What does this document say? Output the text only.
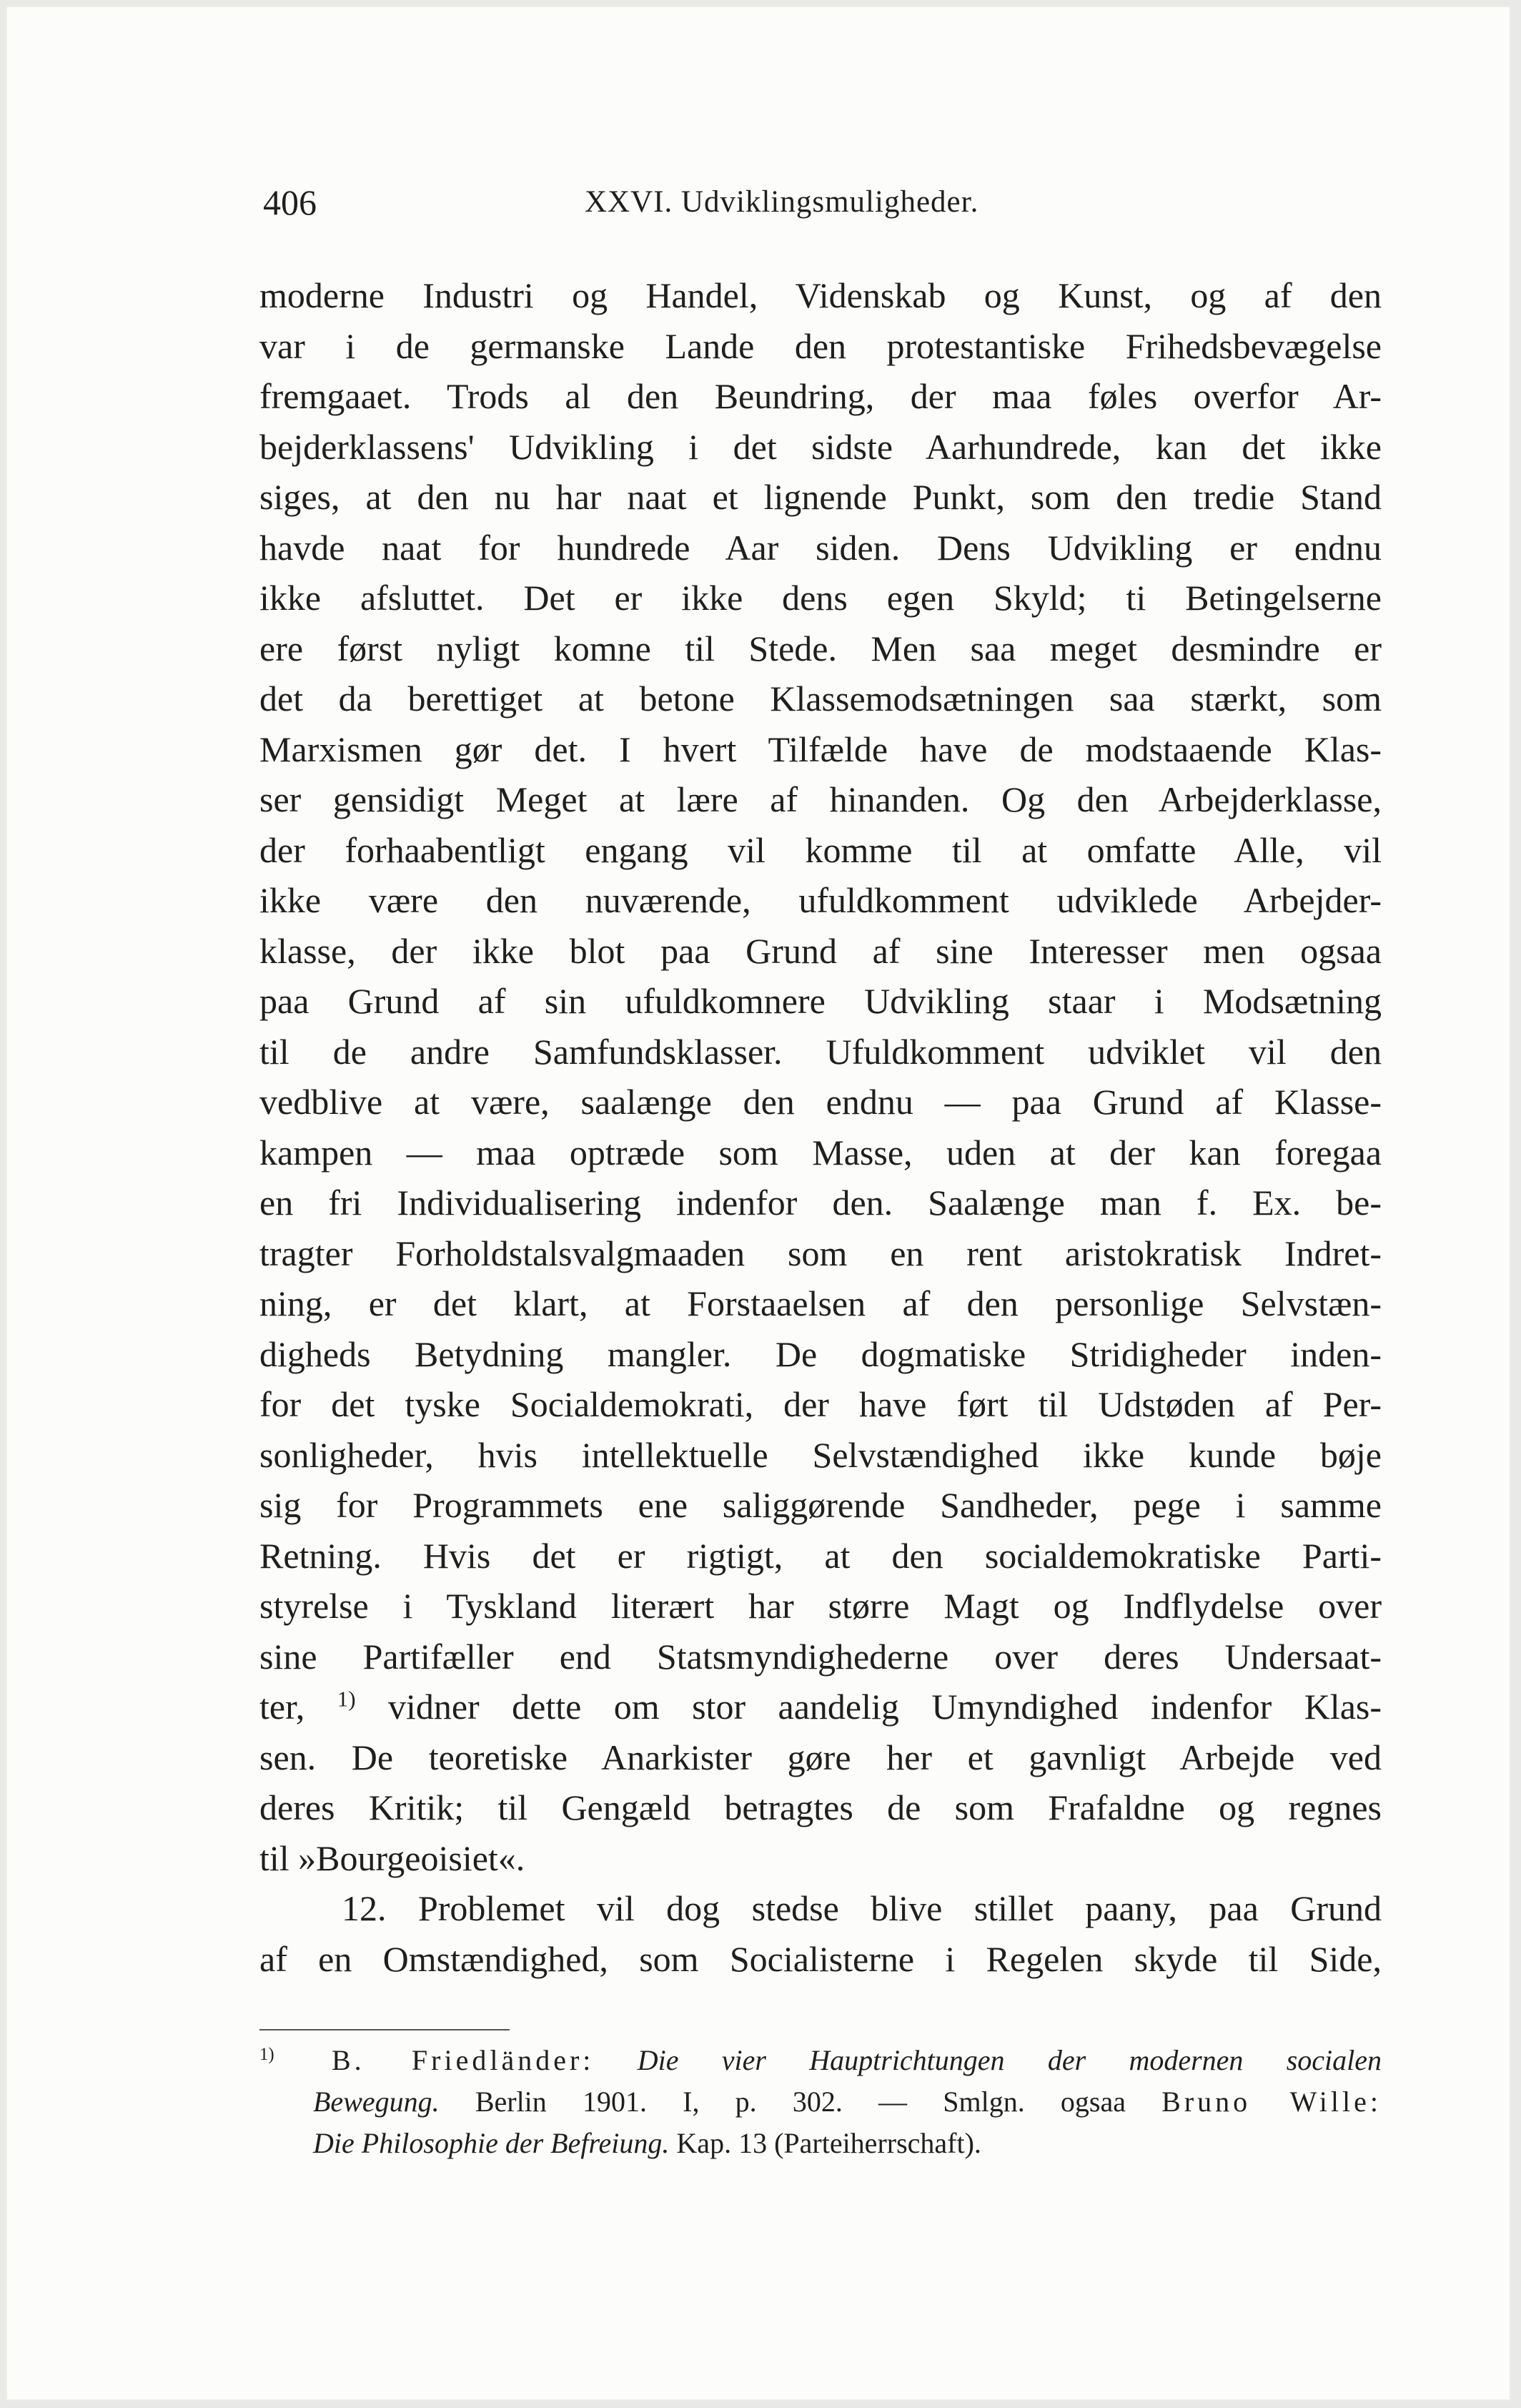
406	XXVI. Udviklingsmuligheder.
moderne Industri og Handel, Videnskab og Kunst, og af den
var i de germanske Lande den protestantiske Frihedsbevægelse
fremgaaet. Trods al den Beundring, der maa føles overfor Ar-
bejderklassens' Udvikling i det sidste Aarhundrede, kan det ikke
siges, at den nu har naat et lignende Punkt, som den tredie Stand
havde naat for hundrede Aar siden. Dens Udvikling er endnu
ikke afsluttet. Det er ikke dens egen Skyld; ti Betingelserne
ere først nyligt komne til Stede. Men saa meget desmindre er
det da berettiget at betone Klassemodsætningen saa stærkt, som
Marxismen gør det. I hvert Tilfælde have de modstaaende Klas-
ser gensidigt Meget at lære af hinanden. Og den Arbejderklasse,
der forhaabentligt engang vil komme til at omfatte Alle, vil
ikke være den nuværende, ufuldkomment udviklede Arbejder-
klasse, der ikke blot paa Grund af sine Interesser men ogsaa
paa Grund af sin ufuldkomnere Udvikling staar i Modsætning
til de andre Samfundsklasser. Ufuldkomment udviklet vil den
vedblive at være, saalænge den endnu — paa Grund af Klasse-
kampen — maa optræde som Masse, uden at der kan foregaa
en fri Individualisering indenfor den. Saalænge man f. Ex. be-
tragter Forholdstalsvalgmaaden som en rent aristokratisk Indret-
ning, er det klart, at Forstaaelsen af den personlige Selvstæn-
digheds Betydning mangler. De dogmatiske Stridigheder inden-
for det tyske Socialdemokrati, der have ført til Udstøden af Per-
sonligheder, hvis intellektuelle Selvstændighed ikke kunde bøje
sig for Programmets ene saliggørende Sandheder, pege i samme
Retning. Hvis det er rigtigt, at den socialdemokratiske Parti-
styrelse i Tyskland literært har større Magt og Indflydelse over
sine Partifæller end Statsmyndighederne over deres Undersaat-
ter, $^{1)}$ vidner dette om stor aandelig Umyndighed indenfor Klas-
sen. De teoretiske Anarkister gøre her et gavnligt Arbejde ved
deres Kritik; til Gengæld betragtes de som Frafaldne og regnes
til »Bourgeoisiet«.
12. Problemet vil dog stedse blive stillet paany, paa Grund
af en Omstændighed, som Socialisterne i Regelen skyde til Side,
$^{1)}$ B. Friedländer: Die vier Hauptrichtungen der modernen socialen
Bewegung. Berlin 1901. I, p. 302. — Smlgn. ogsaa Bruno Wille:
Die Philosophie der Befreiung. Kap. 13 (Parteiherrschaft).
